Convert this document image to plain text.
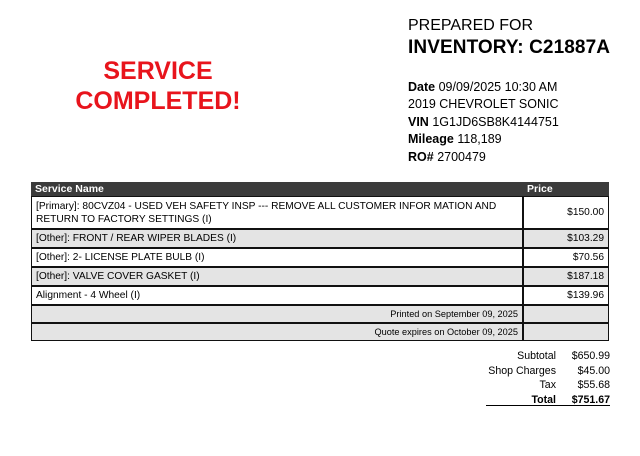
SERVICE
COMPLETED!
PREPARED FOR
INVENTORY: C21887A
Date 09/09/2025 10:30 AM
2019 CHEVROLET SONIC
VIN 1G1JD6SB8K4144751
Mileage 118,189
RO# 2700479
Service Name	Price

[Primary]: 80CVZ04 - USED VEH SAFETY INSP --- REMOVE ALL CUSTOMER INFOR MATION AND
RETURN TO FACTORY SETTINGS (I)	$150.00
[Other]: FRONT / REAR WIPER BLADES (I)	$103.29
[Other]: 2- LICENSE PLATE BULB (I)	$70.56
[Other]: VALVE COVER GASKET (I)	$187.18
Alignment - 4 Wheel (I)	$139.96
Printed on September 09, 2025	
Quote expires on October 09, 2025	
Subtotal	$650.99
Shop Charges	$45.00
Tax	$55.68
Total	$751.67
